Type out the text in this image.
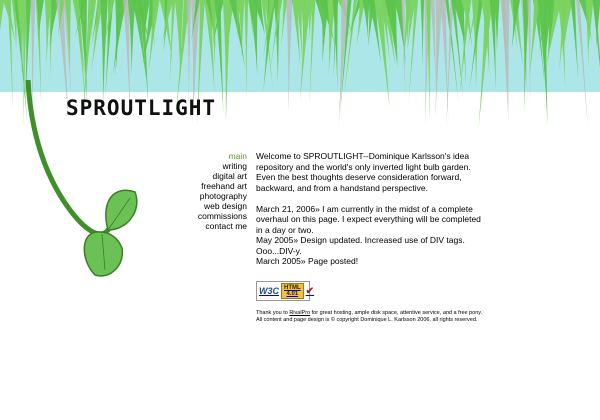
SPROUTLIGHT
main
writing
digital art
freehand art
photography
web design
commissions
contact me

Welcome to SPROUTLIGHT--Dominique Karlsson's idea repository and the world's only inverted light bulb garden. Even the best thoughts deserve consideration forward, backward, and from a handstand perspective.

March 21, 2006» I am currently in the midst of a complete overhaul on this page. I expect everything will be completed in a day or two.

May 2005» Design updated. Increased use of DIV tags. Ooo...DIV-y.

March 2005» Page posted!

W3C HTML
4.01 ✔

Thank you to RivalPro for great hosting, ample disk space, attentive service, and a free pony.

All content and page design is © copyright Dominique L. Karlsson 2006, all rights reserved.
